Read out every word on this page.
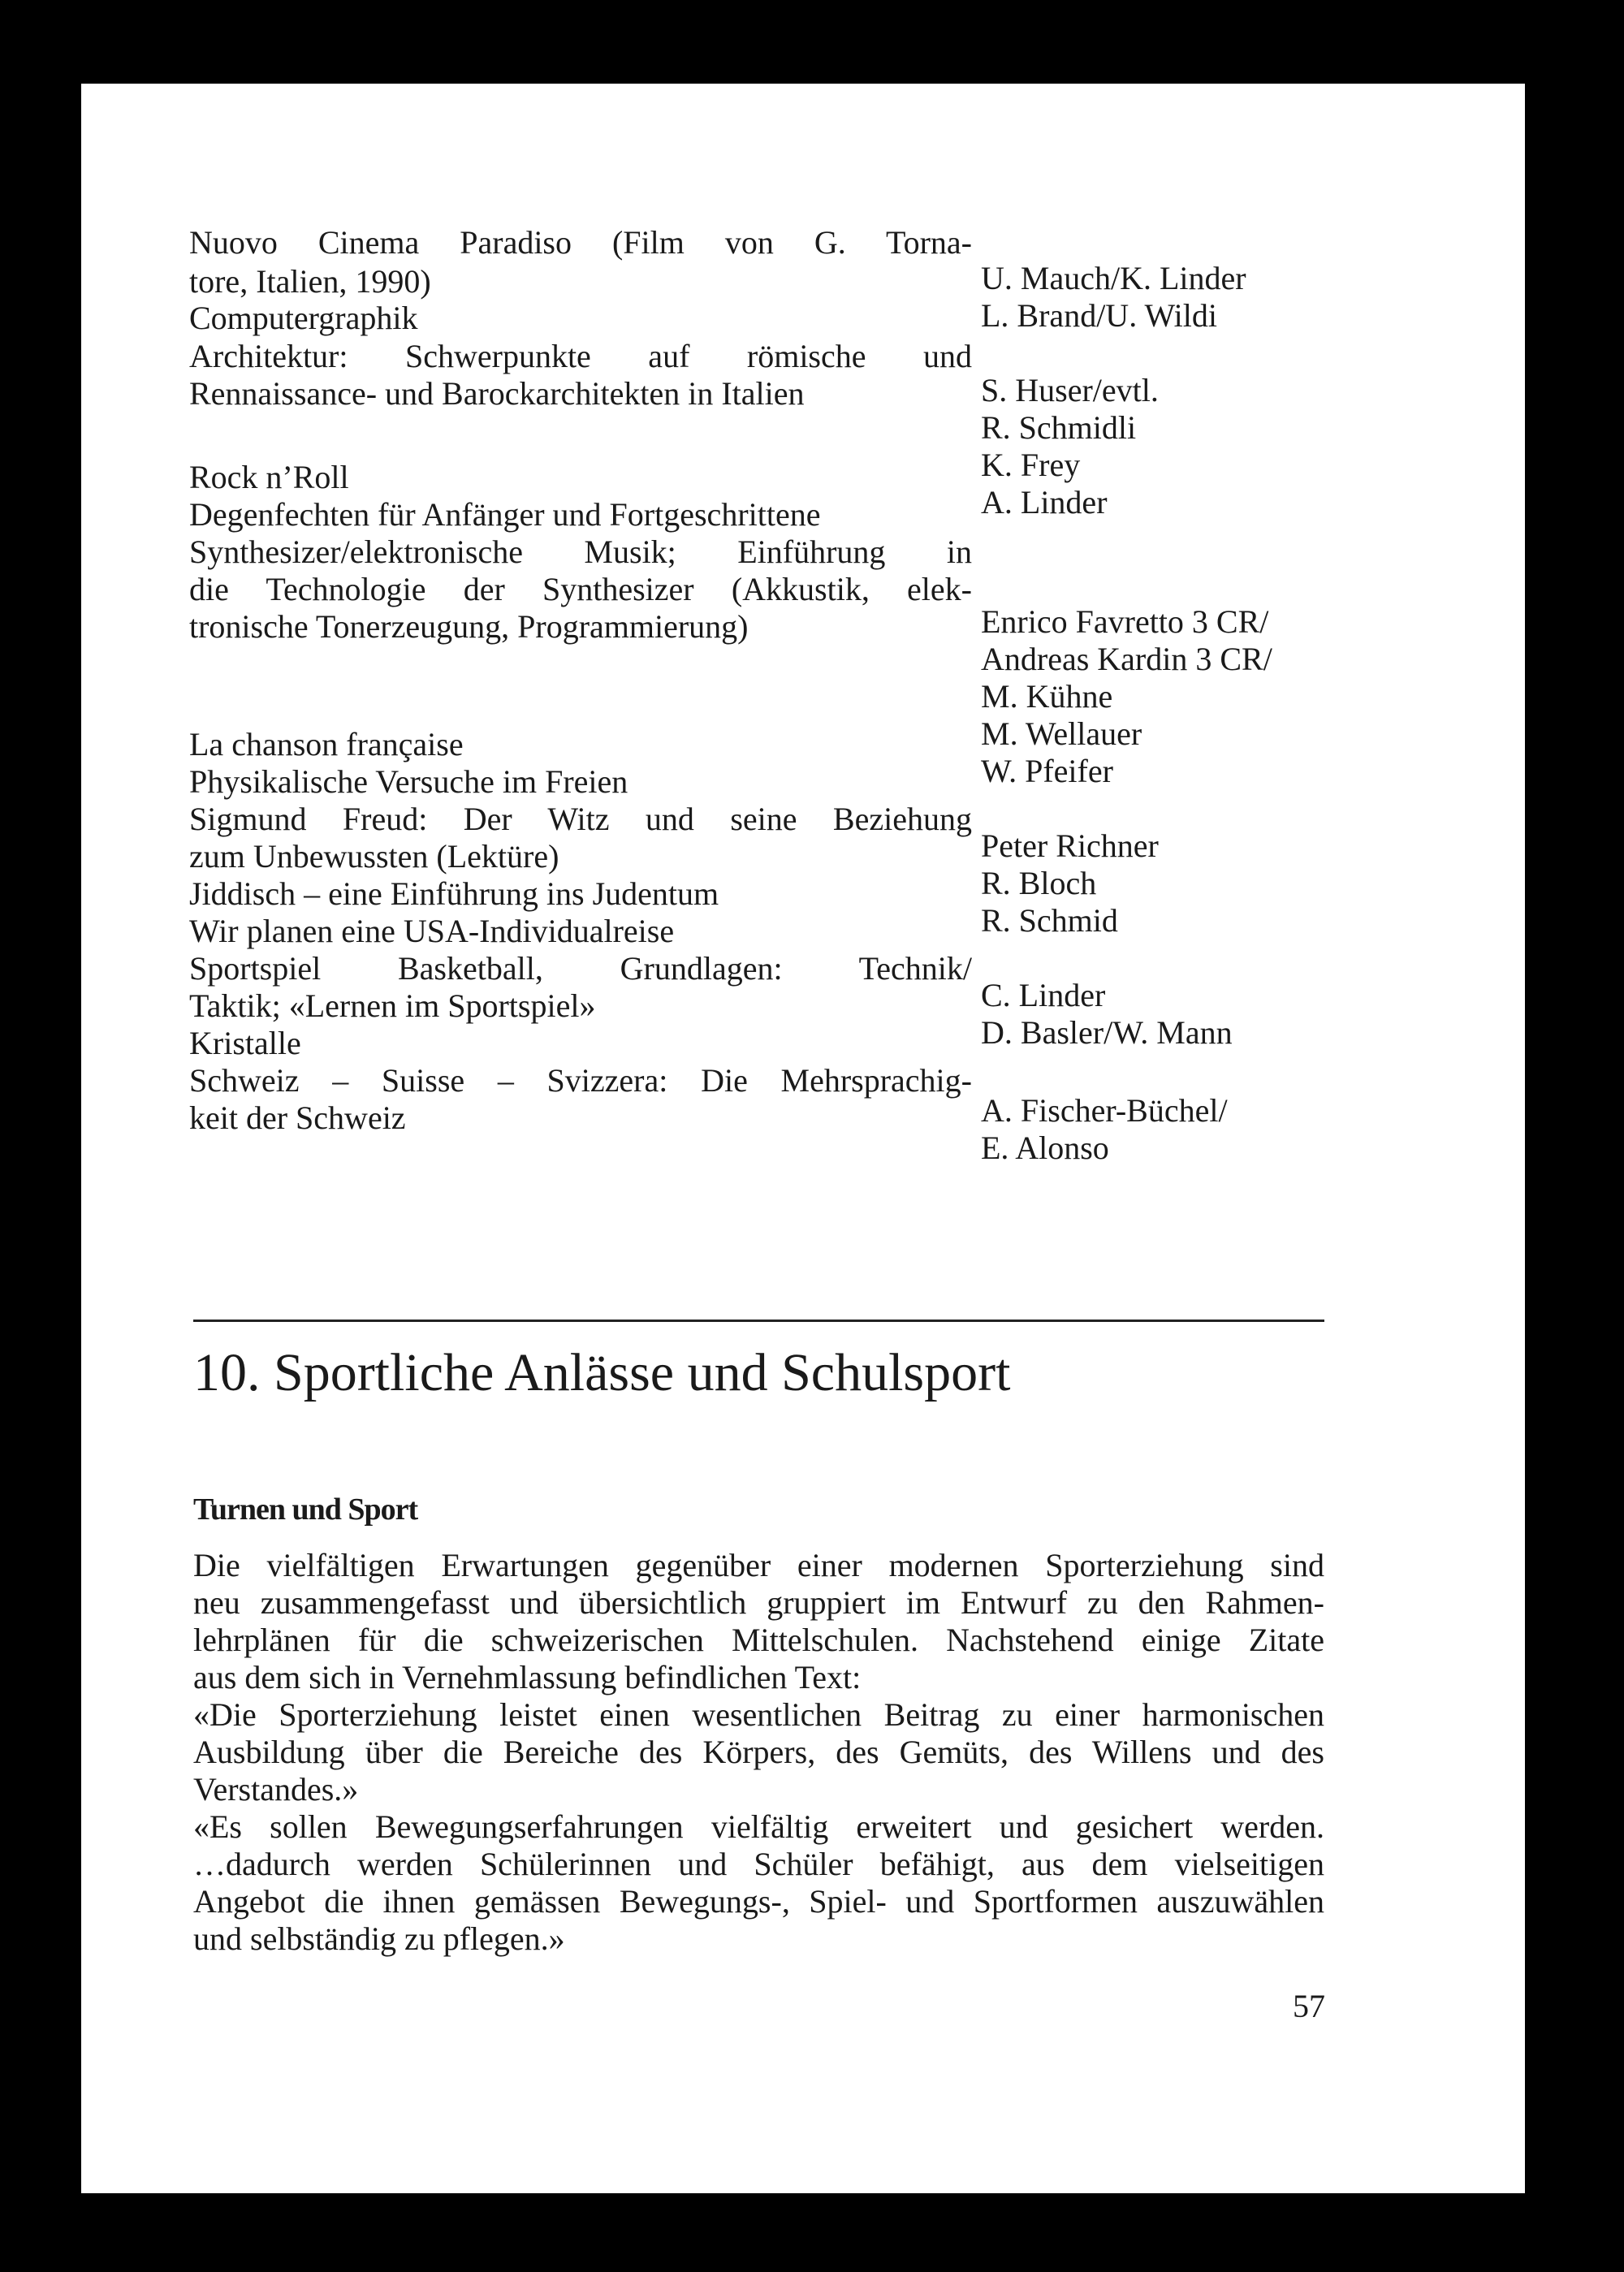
Nuovo Cinema Paradiso (Film von G. Torna-
tore, Italien, 1990)
Computergraphik
Architektur: Schwerpunkte auf römische und
Rennaissance- und Barockarchitekten in Italien
Rock n’Roll
Degenfechten für Anfänger und Fortgeschrittene
Synthesizer/elektronische Musik; Einführung in
die Technologie der Synthesizer (Akkustik, elek-
tronische Tonerzeugung, Programmierung)
La chanson française
Physikalische Versuche im Freien
Sigmund Freud: Der Witz und seine Beziehung
zum Unbewussten (Lektüre)
Jiddisch – eine Einführung ins Judentum
Wir planen eine USA-Individualreise
Sportspiel Basketball, Grundlagen: Technik/
Taktik; «Lernen im Sportspiel»
Kristalle
Schweiz – Suisse – Svizzera: Die Mehrsprachig-
keit der Schweiz
U. Mauch/K. Linder
L. Brand/U. Wildi
S. Huser/evtl.
R. Schmidli
K. Frey
A. Linder
Enrico Favretto 3 CR/
Andreas Kardin 3 CR/
M. Kühne
M. Wellauer
W. Pfeifer
Peter Richner
R. Bloch
R. Schmid
C. Linder
D. Basler/W. Mann
A. Fischer-Büchel/
E. Alonso
10. Sportliche Anlässe und Schulsport
Turnen und Sport
Die vielfältigen Erwartungen gegenüber einer modernen Sporterziehung sind
neu zusammengefasst und übersichtlich gruppiert im Entwurf zu den Rahmen-
lehrplänen für die schweizerischen Mittelschulen. Nachstehend einige Zitate
aus dem sich in Vernehmlassung befindlichen Text:
«Die Sporterziehung leistet einen wesentlichen Beitrag zu einer harmonischen
Ausbildung über die Bereiche des Körpers, des Gemüts, des Willens und des
Verstandes.»
«Es sollen Bewegungserfahrungen vielfältig erweitert und gesichert werden.
…dadurch werden Schülerinnen und Schüler befähigt, aus dem vielseitigen
Angebot die ihnen gemässen Bewegungs-, Spiel- und Sportformen auszuwählen
und selbständig zu pflegen.»
57
